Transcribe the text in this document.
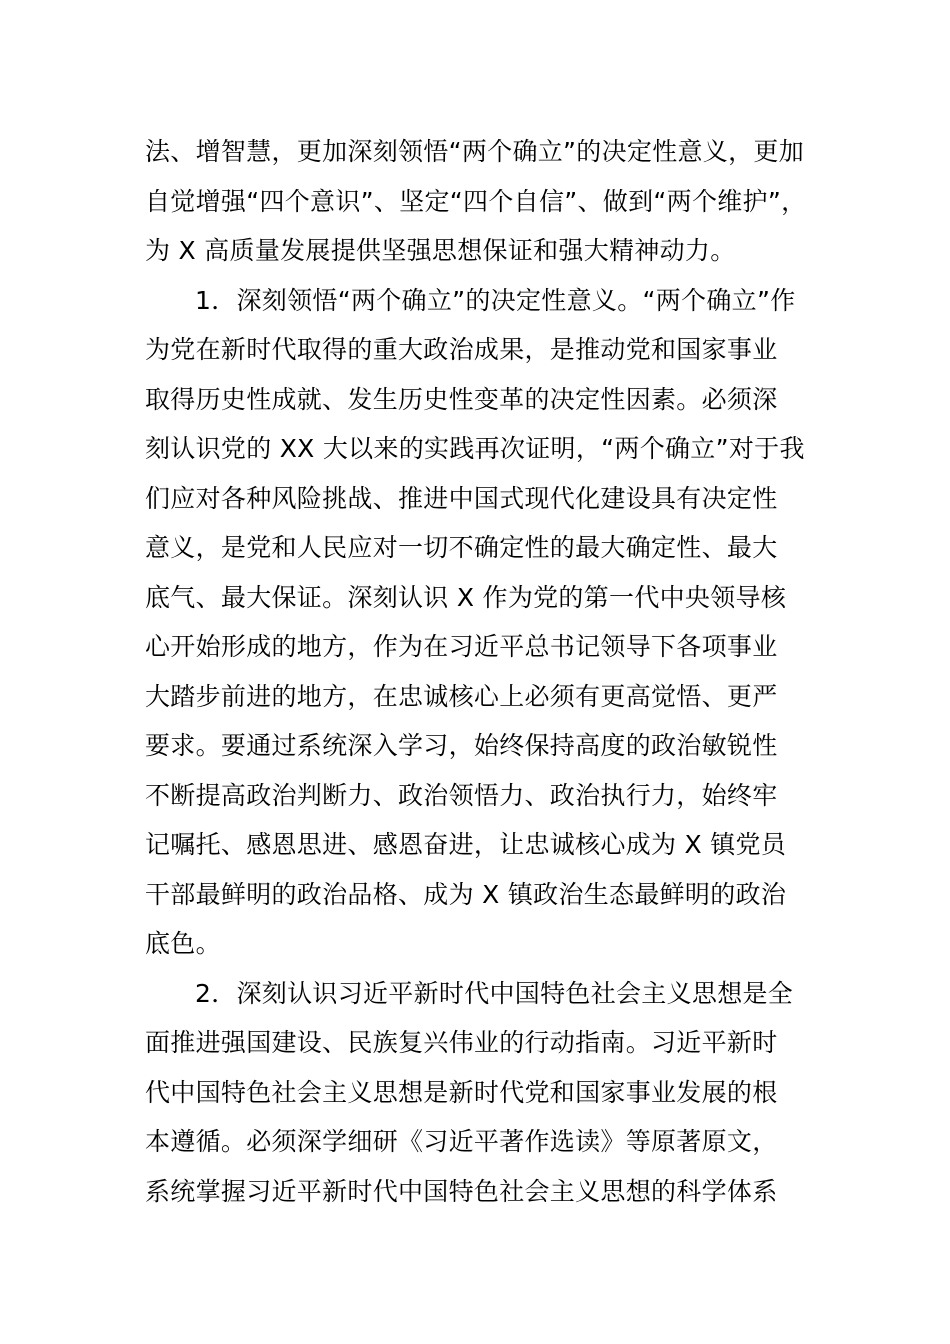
法、增智慧，更加深刻领悟“两个确立”的决定性意义，更加
自觉增强“四个意识”、坚定“四个自信”、做到“两个维护”，
为 X 高质量发展提供坚强思想保证和强大精神动力。
1．深刻领悟“两个确立”的决定性意义。“两个确立”作
为党在新时代取得的重大政治成果，是推动党和国家事业
取得历史性成就、发生历史性变革的决定性因素。必须深
刻认识党的 XX 大以来的实践再次证明，“两个确立”对于我
们应对各种风险挑战、推进中国式现代化建设具有决定性
意义，是党和人民应对一切不确定性的最大确定性、最大
底气、最大保证。深刻认识 X 作为党的第一代中央领导核
心开始形成的地方，作为在习近平总书记领导下各项事业
大踏步前进的地方，在忠诚核心上必须有更高觉悟、更严
要求。要通过系统深入学习，始终保持高度的政治敏锐性
不断提高政治判断力、政治领悟力、政治执行力，始终牢
记嘱托、感恩思进、感恩奋进，让忠诚核心成为 X 镇党员
干部最鲜明的政治品格、成为 X 镇政治生态最鲜明的政治
底色。
2．深刻认识习近平新时代中国特色社会主义思想是全
面推进强国建设、民族复兴伟业的行动指南。习近平新时
代中国特色社会主义思想是新时代党和国家事业发展的根
本遵循。必须深学细研《习近平著作选读》等原著原文，
系统掌握习近平新时代中国特色社会主义思想的科学体系
